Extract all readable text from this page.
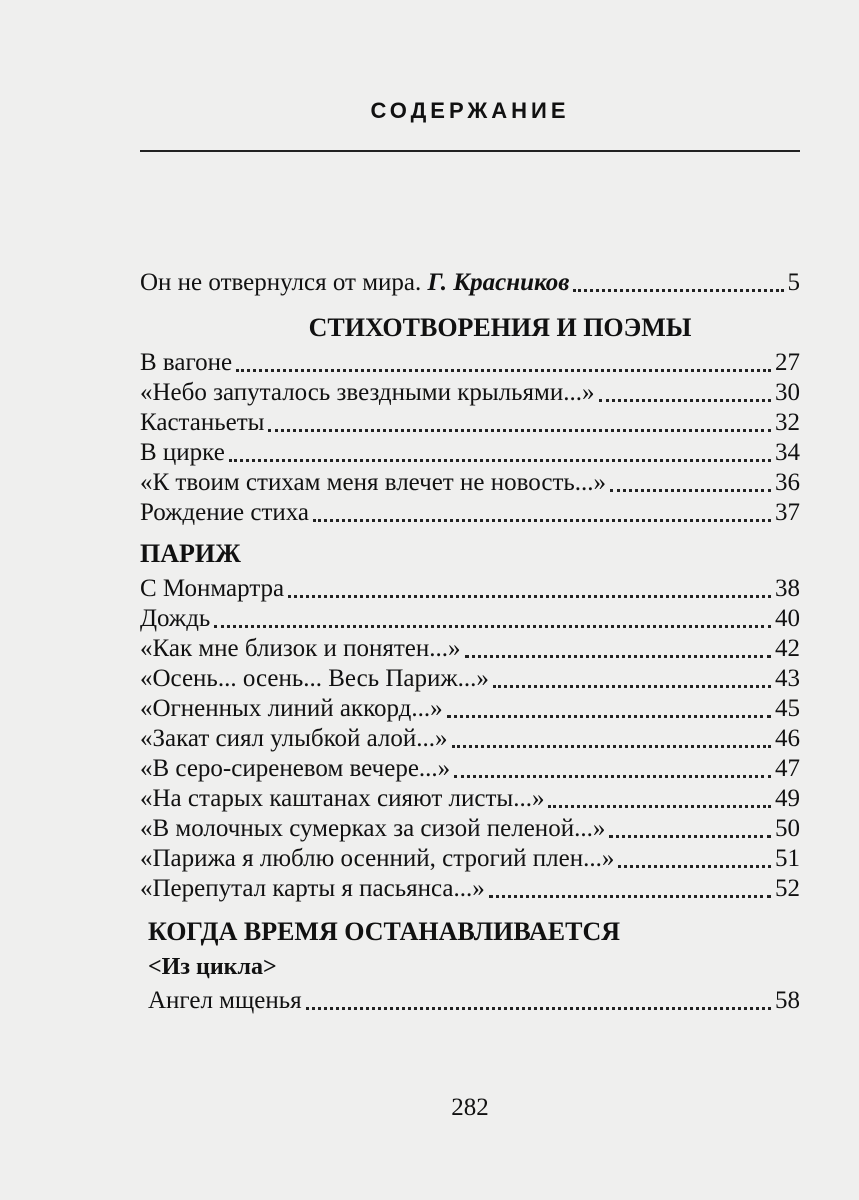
СОДЕРЖАНИЕ
Он не отвернулся от мира. Г. Красников	5
СТИХОТВОРЕНИЯ И ПОЭМЫ
В вагоне	27
«Небо запуталось звездными крыльями...»	30
Кастаньеты	32
В цирке	34
«К твоим стихам меня влечет не новость...»	36
Рождение стиха	37
ПАРИЖ
С Монмартра	38
Дождь	40
«Как мне близок и понятен...»	42
«Осень... осень... Весь Париж...»	43
«Огненных линий аккорд...»	45
«Закат сиял улыбкой алой...»	46
«В серо-сиреневом вечере...»	47
«На старых каштанах сияют листы...»	49
«В молочных сумерках за сизой пеленой...»	50
«Парижа я люблю осенний, строгий плен...»	51
«Перепутал карты я пасьянса...»	52
КОГДА ВРЕМЯ ОСТАНАВЛИВАЕТСЯ
<Из цикла>
Ангел мщенья	58
282
